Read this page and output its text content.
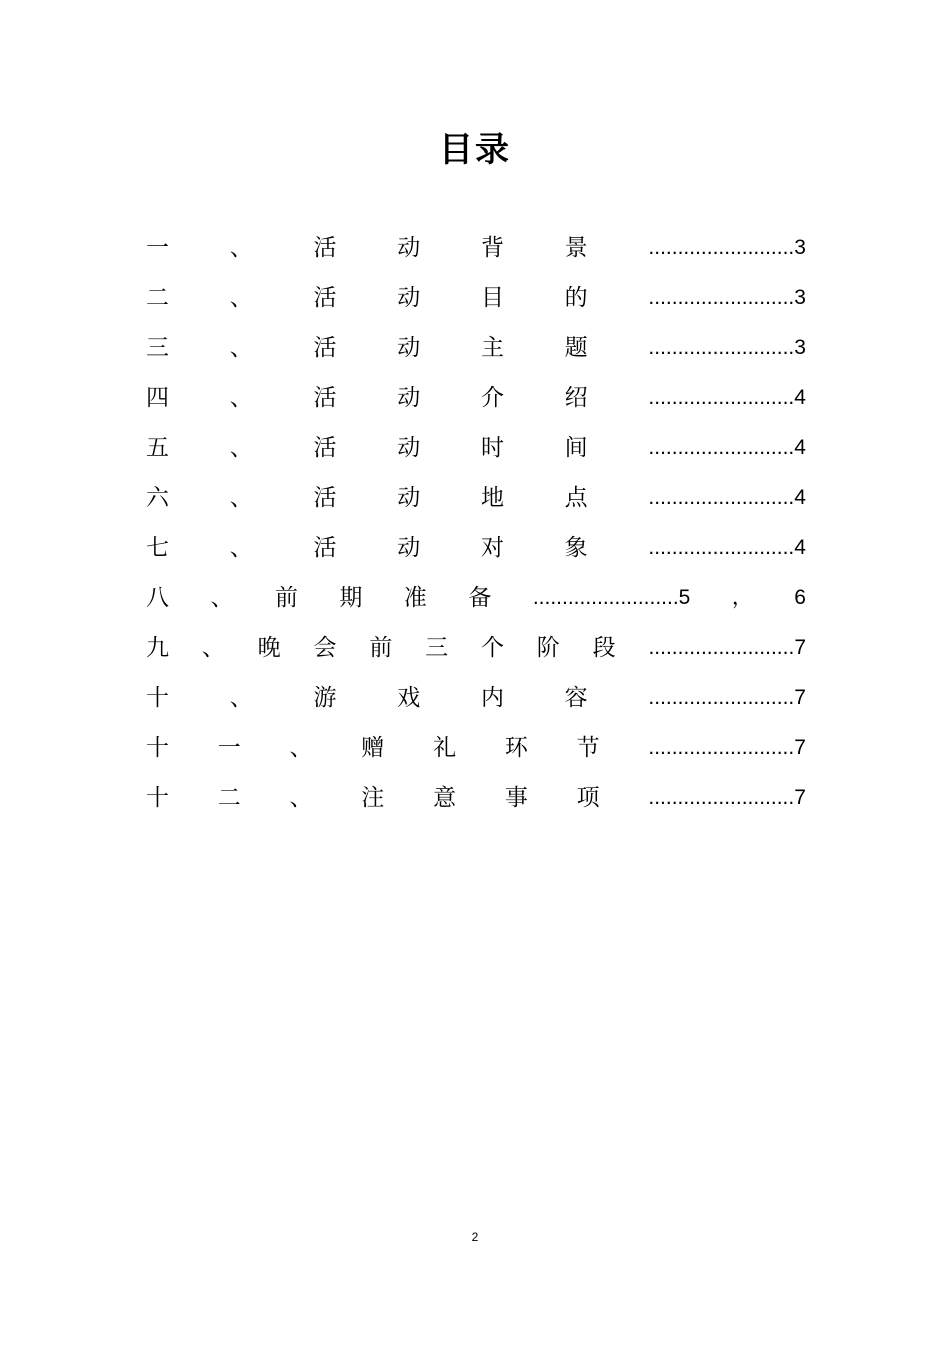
目录
一	、	活	动	背	景	.........................3
二	、	活	动	目	的	.........................3
三	、	活	动	主	题	.........................3
四	、	活	动	介	绍	.........................4
五	、	活	动	时	间	.........................4
六	、	活	动	地	点	.........................4
七	、	活	动	对	象	.........................4
八 、 前 期 准 备 .........................5 ， 6
九 、 晚 会 前 三 个 阶 段 .........................7
十	、	游	戏	内	容	.........................7
十 一 、 赠 礼 环 节 .........................7
十 二 、 注 意 事 项 .........................7
2
